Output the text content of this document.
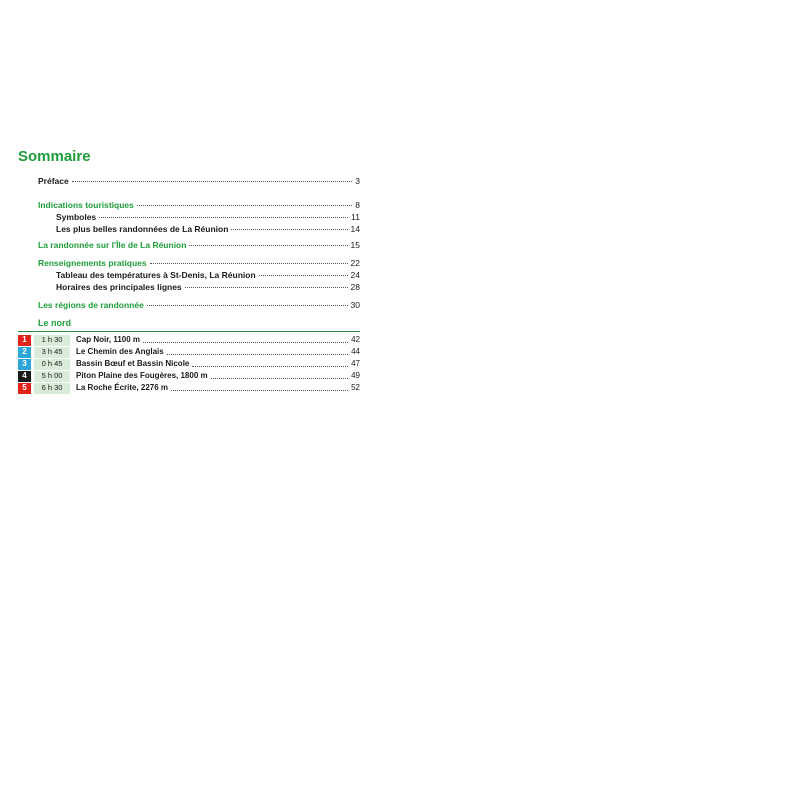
Sommaire
Préface	3
Indications touristiques	8
Symboles	11
Les plus belles randonnées de La Réunion	14
La randonnée sur l'Île de La Réunion	15
Renseignements pratiques	22
Tableau des températures à St-Denis, La Réunion	24
Horaires des principales lignes	28
Les régions de randonnée	30
Le nord
1	1 h 30	Cap Noir, 1100 m	42
2	3 h 45	Le Chemin des Anglais	44
3	0 h 45	Bassin Bœuf et Bassin Nicole	47
4	5 h 00	Piton Plaine des Fougères, 1800 m	49
5	6 h 30	La Roche Écrite, 2276 m	52
